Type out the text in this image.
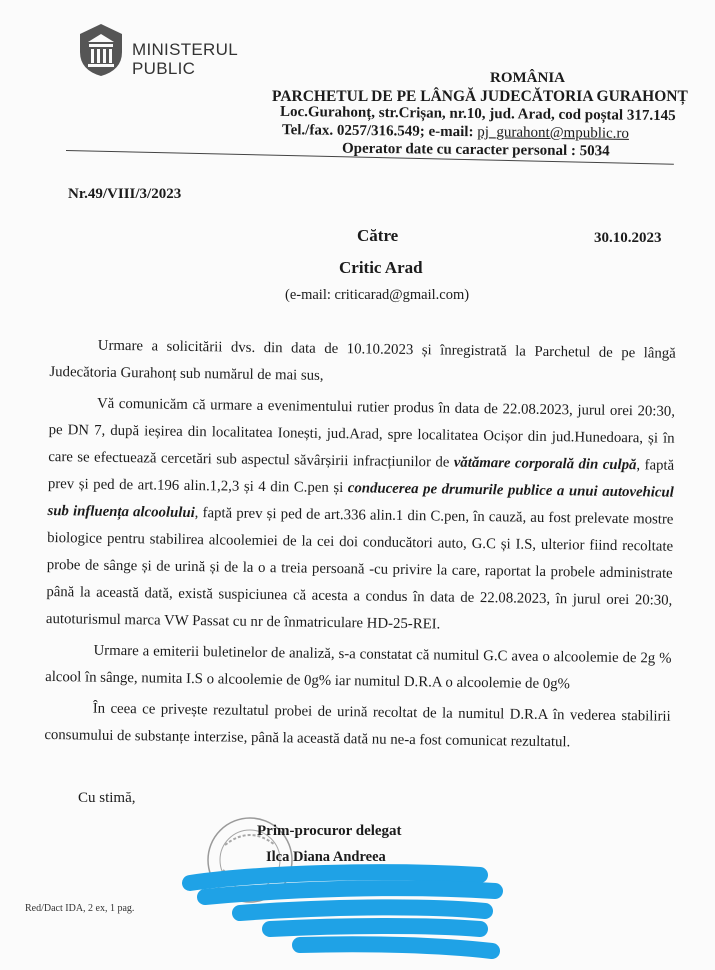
MINISTERUL
PUBLIC	ROMÂNIA
PARCHETUL DE PE LÂNGĂ JUDECĂTORIA GURAHONȚ
Loc.Gurahonț, str.Crișan, nr.10, jud. Arad, cod poștal 317.145
Tel./fax. 0257/316.549; e-mail: pj_gurahont@mpublic.ro
Operator date cu caracter personal : 5034
Nr.49/VIII/3/2023
Către	30.10.2023
Critic Arad
(e-mail: criticarad@gmail.com)

Urmare a solicitării dvs. din data de 10.10.2023 și înregistrată la Parchetul de pe lângă Judecătoria Gurahonț sub numărul de mai sus,

Vă comunicăm că urmare a evenimentului rutier produs în data de 22.08.2023, jurul orei 20:30, pe DN 7, după ieșirea din localitatea Ionești, jud.Arad, spre localitatea Ocișor din jud.Hunedoara, și în care se efectuează cercetări sub aspectul săvârșirii infracțiunilor de vătămare corporală din culpă, faptă prev și ped de art.196 alin.1,2,3 și 4 din C.pen și conducerea pe drumurile publice a unui autovehicul sub influența alcoolului, faptă prev și ped de art.336 alin.1 din C.pen, în cauză, au fost prelevate mostre biologice pentru stabilirea alcoolemiei de la cei doi conducători auto, G.C și I.S, ulterior fiind recoltate probe de sânge și de urină și de la o a treia persoană -cu privire la care, raportat la probele administrate până la această dată, există suspiciunea că acesta a condus în data de 22.08.2023, în jurul orei 20:30, autoturismul marca VW Passat cu nr de înmatriculare HD-25-REI.

Urmare a emiterii buletinelor de analiză, s-a constatat că numitul G.C avea o alcoolemie de 2g % alcool în sânge, numita I.S o alcoolemie de 0g% iar numitul D.R.A o alcoolemie de 0g%

În ceea ce privește rezultatul probei de urină recoltat de la numitul D.R.A în vederea stabilirii consumului de substanțe interzise, până la această dată nu ne-a fost comunicat rezultatul.

Cu stimă,
Prim-procuror delegat
Ilca Diana Andreea
Red/Dact IDA, 2 ex, 1 pag.
